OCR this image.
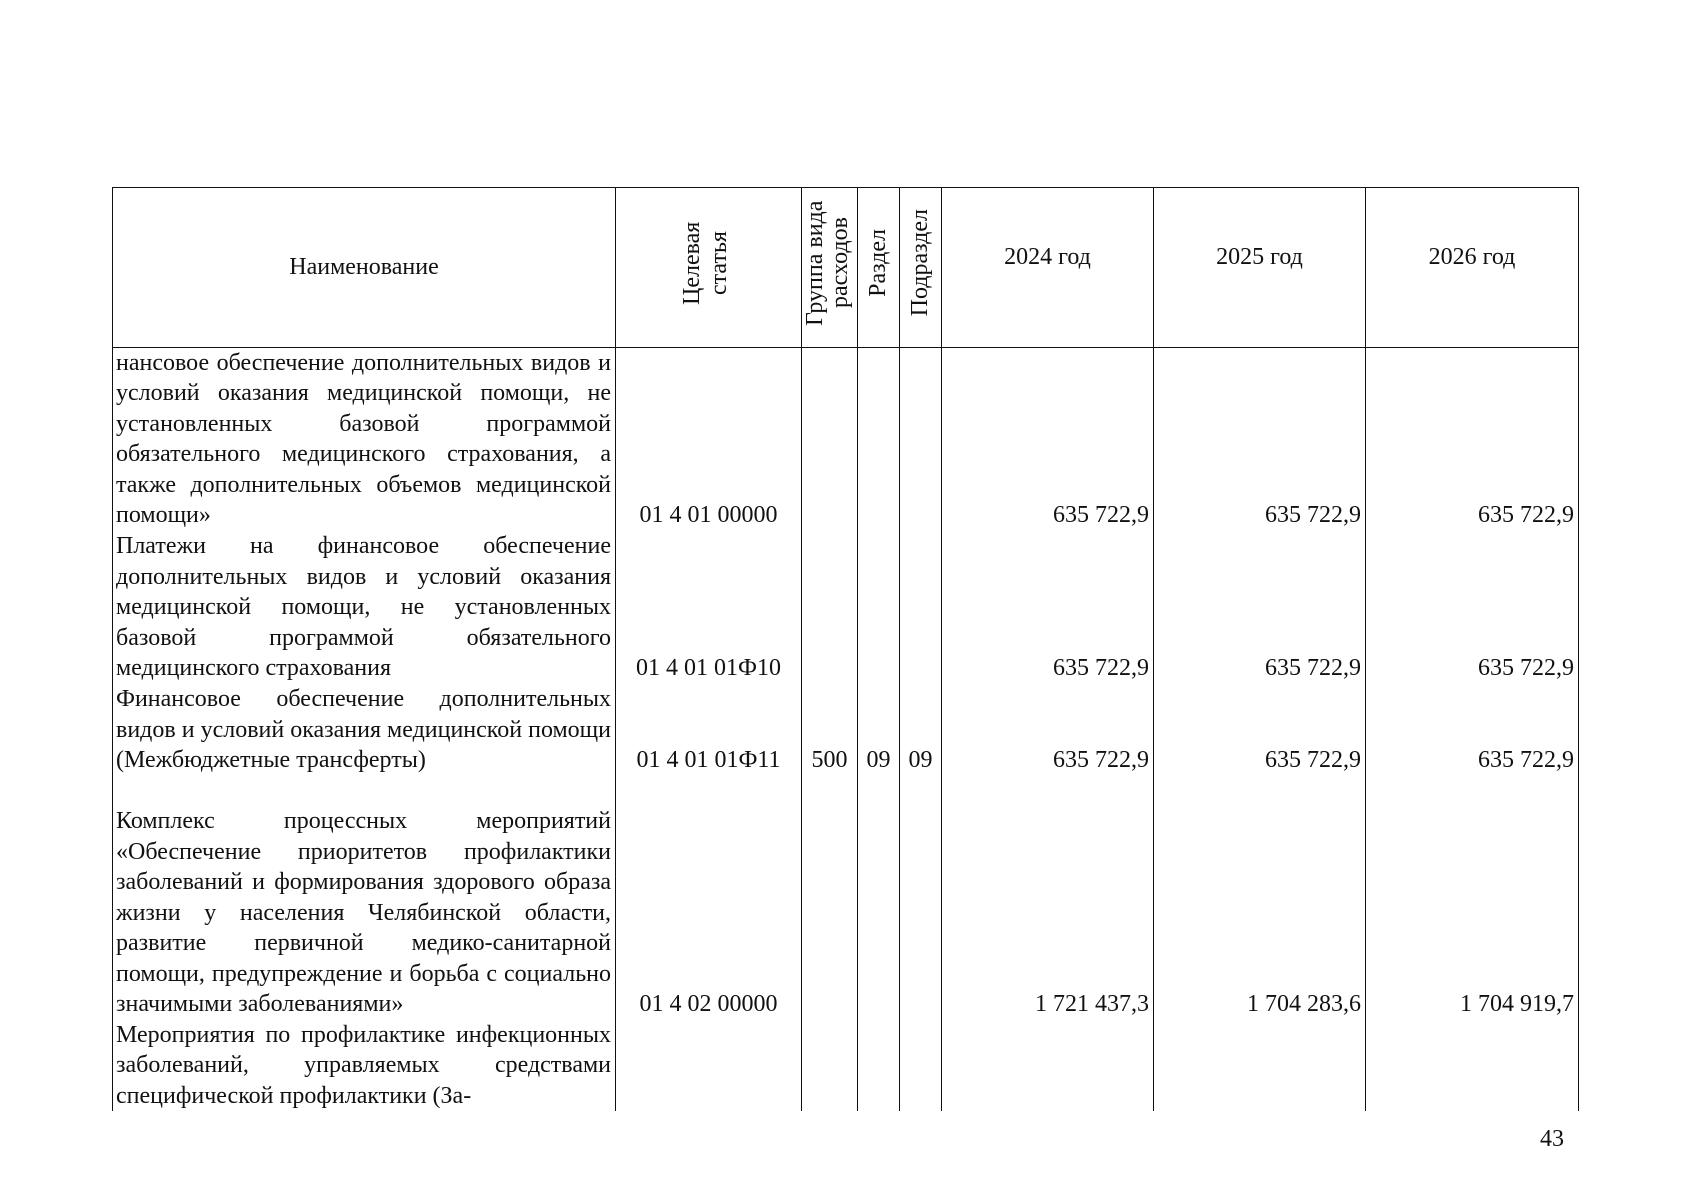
Наименование	Целевая статья	Группа вида расходов	Раздел	Подраздел	2024 год	2025 год	2026 год
нансовое обеспечение дополнительных видов и условий оказания медицинской помощи, не установленных базовой программой обязательного медицинского страхования, а также дополнительных объемов медицинской помощи»	01 4 01 00000				635 722,9	635 722,9	635 722,9
Платежи на финансовое обеспечение дополнительных видов и условий оказания медицинской помощи, не установленных базовой программой обязательного медицинского страхования	01 4 01 01Ф10				635 722,9	635 722,9	635 722,9
Финансовое обеспечение дополнительных видов и условий оказания медицинской помощи (Межбюджетные трансферты)	01 4 01 01Ф11	500	09	09	635 722,9	635 722,9	635 722,9
Комплекс процессных мероприятий «Обеспечение приоритетов профилактики заболеваний и формирования здорового образа жизни у населения Челябинской области, развитие первичной медико-санитарной помощи, предупреждение и борьба с социально значимыми заболеваниями»	01 4 02 00000				1 721 437,3	1 704 283,6	1 704 919,7
Мероприятия по профилактике инфекционных заболеваний, управляемых средствами специфической профилактики (За-							
43
